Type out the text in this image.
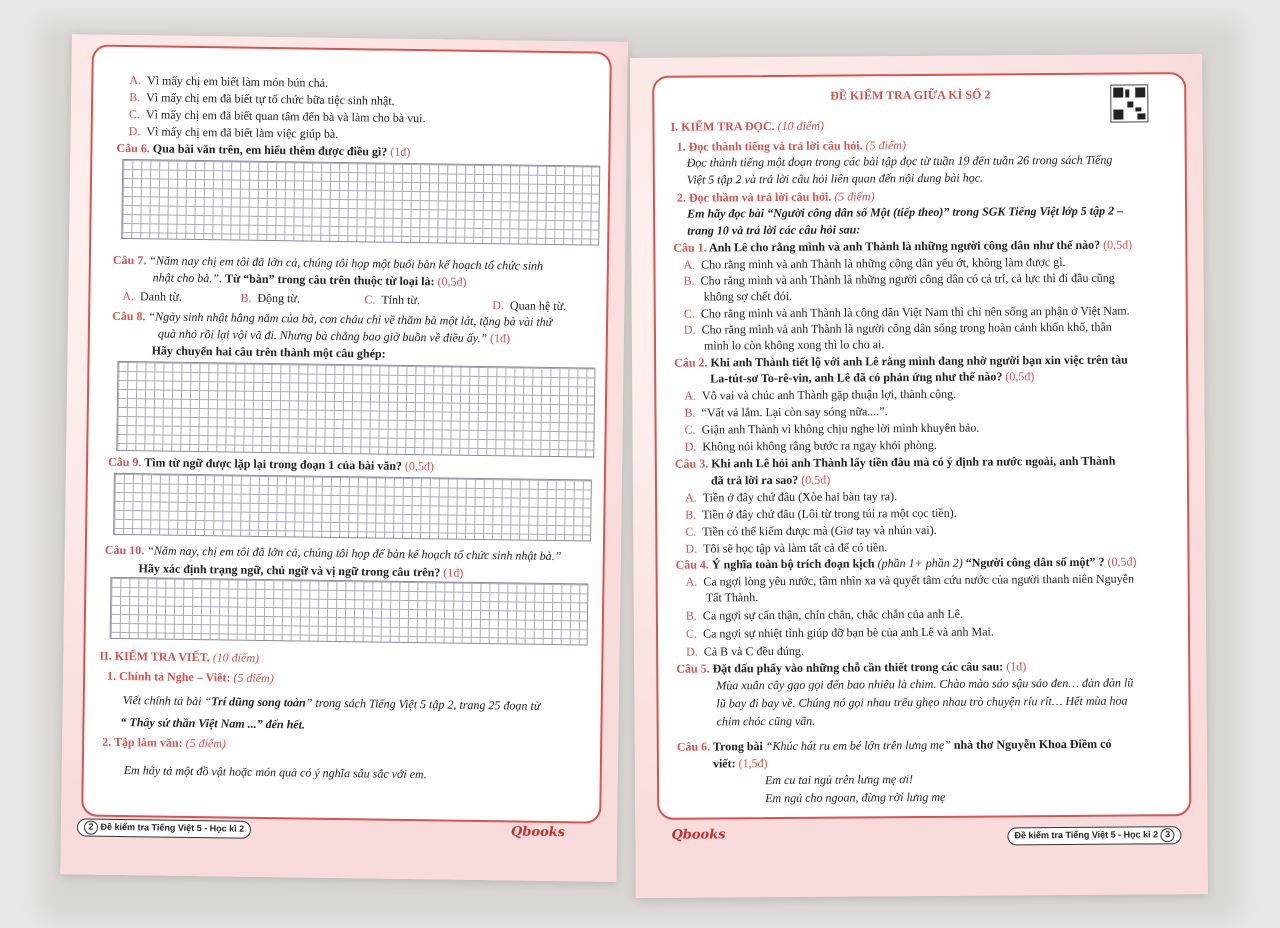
A. Vì mấy chị em biết làm món bún chả.
B. Vì mấy chị em đã biết tự tổ chức bữa tiệc sinh nhật.
C. Vì mấy chị em đã biết quan tâm đến bà và làm cho bà vui.
D. Vì mấy chị em đã biết làm việc giúp bà.
Câu 6. Qua bài văn trên, em hiểu thêm được điều gì? (1đ)
Câu 7. “Năm nay chị em tôi đã lớn cả, chúng tôi họp một buổi bàn kế hoạch tổ chức sinh
nhật cho bà.”. Từ “bàn” trong câu trên thuộc từ loại là: (0,5đ)
A. Danh từ.	B. Động từ.	C. Tính từ.	D. Quan hệ từ.
Câu 8. “Ngày sinh nhật hằng năm của bà, con cháu chỉ về thăm bà một lát, tặng bà vài thứ
quà nhỏ rồi lại vội vã đi. Nhưng bà chẳng bao giờ buồn về điều ấy.” (1đ)
Hãy chuyển hai câu trên thành một câu ghép:
Câu 9. Tìm từ ngữ được lặp lại trong đoạn 1 của bài văn? (0,5đ)
Câu 10. “Năm nay, chị em tôi đã lớn cả, chúng tôi họp để bàn kế hoạch tổ chức sinh nhật bà.”
Hãy xác định trạng ngữ, chủ ngữ và vị ngữ trong câu trên? (1đ)
II. KIỂM TRA VIẾT. (10 điểm)
1. Chính tả Nghe – Viết: (5 điểm)
Viết chính tả bài “Trí dũng song toàn” trong sách Tiếng Việt 5 tập 2, trang 25 đoạn từ
“ Thấy sứ thần Việt Nam ...” đến hết.
2. Tập làm văn: (5 điểm)
Em hãy tả một đồ vật hoặc món quà có ý nghĩa sâu sắc với em.
2 Đề kiểm tra Tiếng Việt 5 - Học kì 2	Qbooks
ĐỀ KIỂM TRA GIỮA KÌ SỐ 2
I. KIỂM TRA ĐỌC. (10 điểm)
1. Đọc thành tiếng và trả lời câu hỏi. (5 điểm)
Đọc thành tiếng một đoạn trong các bài tập đọc từ tuần 19 đến tuần 26 trong sách Tiếng
Việt 5 tập 2 và trả lời câu hỏi liên quan đến nội dung bài học.
2. Đọc thầm và trả lời câu hỏi. (5 điểm)
Em hãy đọc bài “Người công dân số Một (tiếp theo)” trong SGK Tiếng Việt lớp 5 tập 2 –
trang 10 và trả lời các câu hỏi sau:
Câu 1. Anh Lê cho rằng mình và anh Thành là những người công dân như thế nào? (0,5đ)
A. Cho rằng mình và anh Thành là những công dân yếu ớt, không làm được gì.
B. Cho rằng mình và anh Thành là những người công dân có cả trí, cả lực thì đi đâu cũng
không sợ chết đói.
C. Cho rằng mình và anh Thành là công dân Việt Nam thì chỉ nên sống an phận ở Việt Nam.
D. Cho rằng mình và anh Thành là người công dân sống trong hoàn cảnh khốn khổ, thân
mình lo còn không xong thì lo cho ai.
Câu 2. Khi anh Thành tiết lộ với anh Lê rằng mình đang nhờ người bạn xin việc trên tàu
La-tút-sơ To-rê-vin, anh Lê đã có phản ứng như thế nào? (0,5đ)
A. Vỗ vai và chúc anh Thành gặp thuận lợi, thành công.
B. “Vất vả lắm. Lại còn say sóng nữa....”.
C. Giận anh Thành vì không chịu nghe lời mình khuyên bảo.
D. Không nói không rằng bước ra ngay khỏi phòng.
Câu 3. Khi anh Lê hỏi anh Thành lấy tiền đâu mà có ý định ra nước ngoài, anh Thành
đã trả lời ra sao? (0,5đ)
A. Tiền ở đây chứ đâu (Xòe hai bàn tay ra).
B. Tiền ở đây chứ đâu (Lôi từ trong túi ra một cọc tiền).
C. Tiền có thể kiếm được mà (Giơ tay và nhún vai).
D. Tôi sẽ học tập và làm tất cả để có tiền.
Câu 4. Ý nghĩa toàn bộ trích đoạn kịch (phần 1+ phần 2) “Người công dân số một” ? (0,5đ)
A. Ca ngợi lòng yêu nước, tầm nhìn xa và quyết tâm cứu nước của người thanh niên Nguyễn
Tất Thành.
B. Ca ngợi sự cẩn thận, chín chắn, chắc chắn của anh Lê.
C. Ca ngợi sự nhiệt tình giúp đỡ bạn bè của anh Lê và anh Mai.
D. Cả B và C đều đúng.
Câu 5. Đặt dấu phẩy vào những chỗ cần thiết trong các câu sau: (1đ)
Mùa xuân cây gạo gọi đến bao nhiêu là chim. Chào mào sáo sậu sáo đen… đàn đàn lũ
lũ bay đi bay về. Chúng nó gọi nhau trêu ghẹo nhau trò chuyện ríu rít… Hết mùa hoa
chim chóc cũng vãn.
Câu 6. Trong bài “Khúc hát ru em bé lớn trên lưng mẹ” nhà thơ Nguyễn Khoa Điềm có
viết: (1,5đ)
Em cu tai ngủ trên lưng mẹ ơi!
Em ngủ cho ngoan, đừng rời lưng mẹ
Qbooks	Đề kiểm tra Tiếng Việt 5 - Học kì 2 3
